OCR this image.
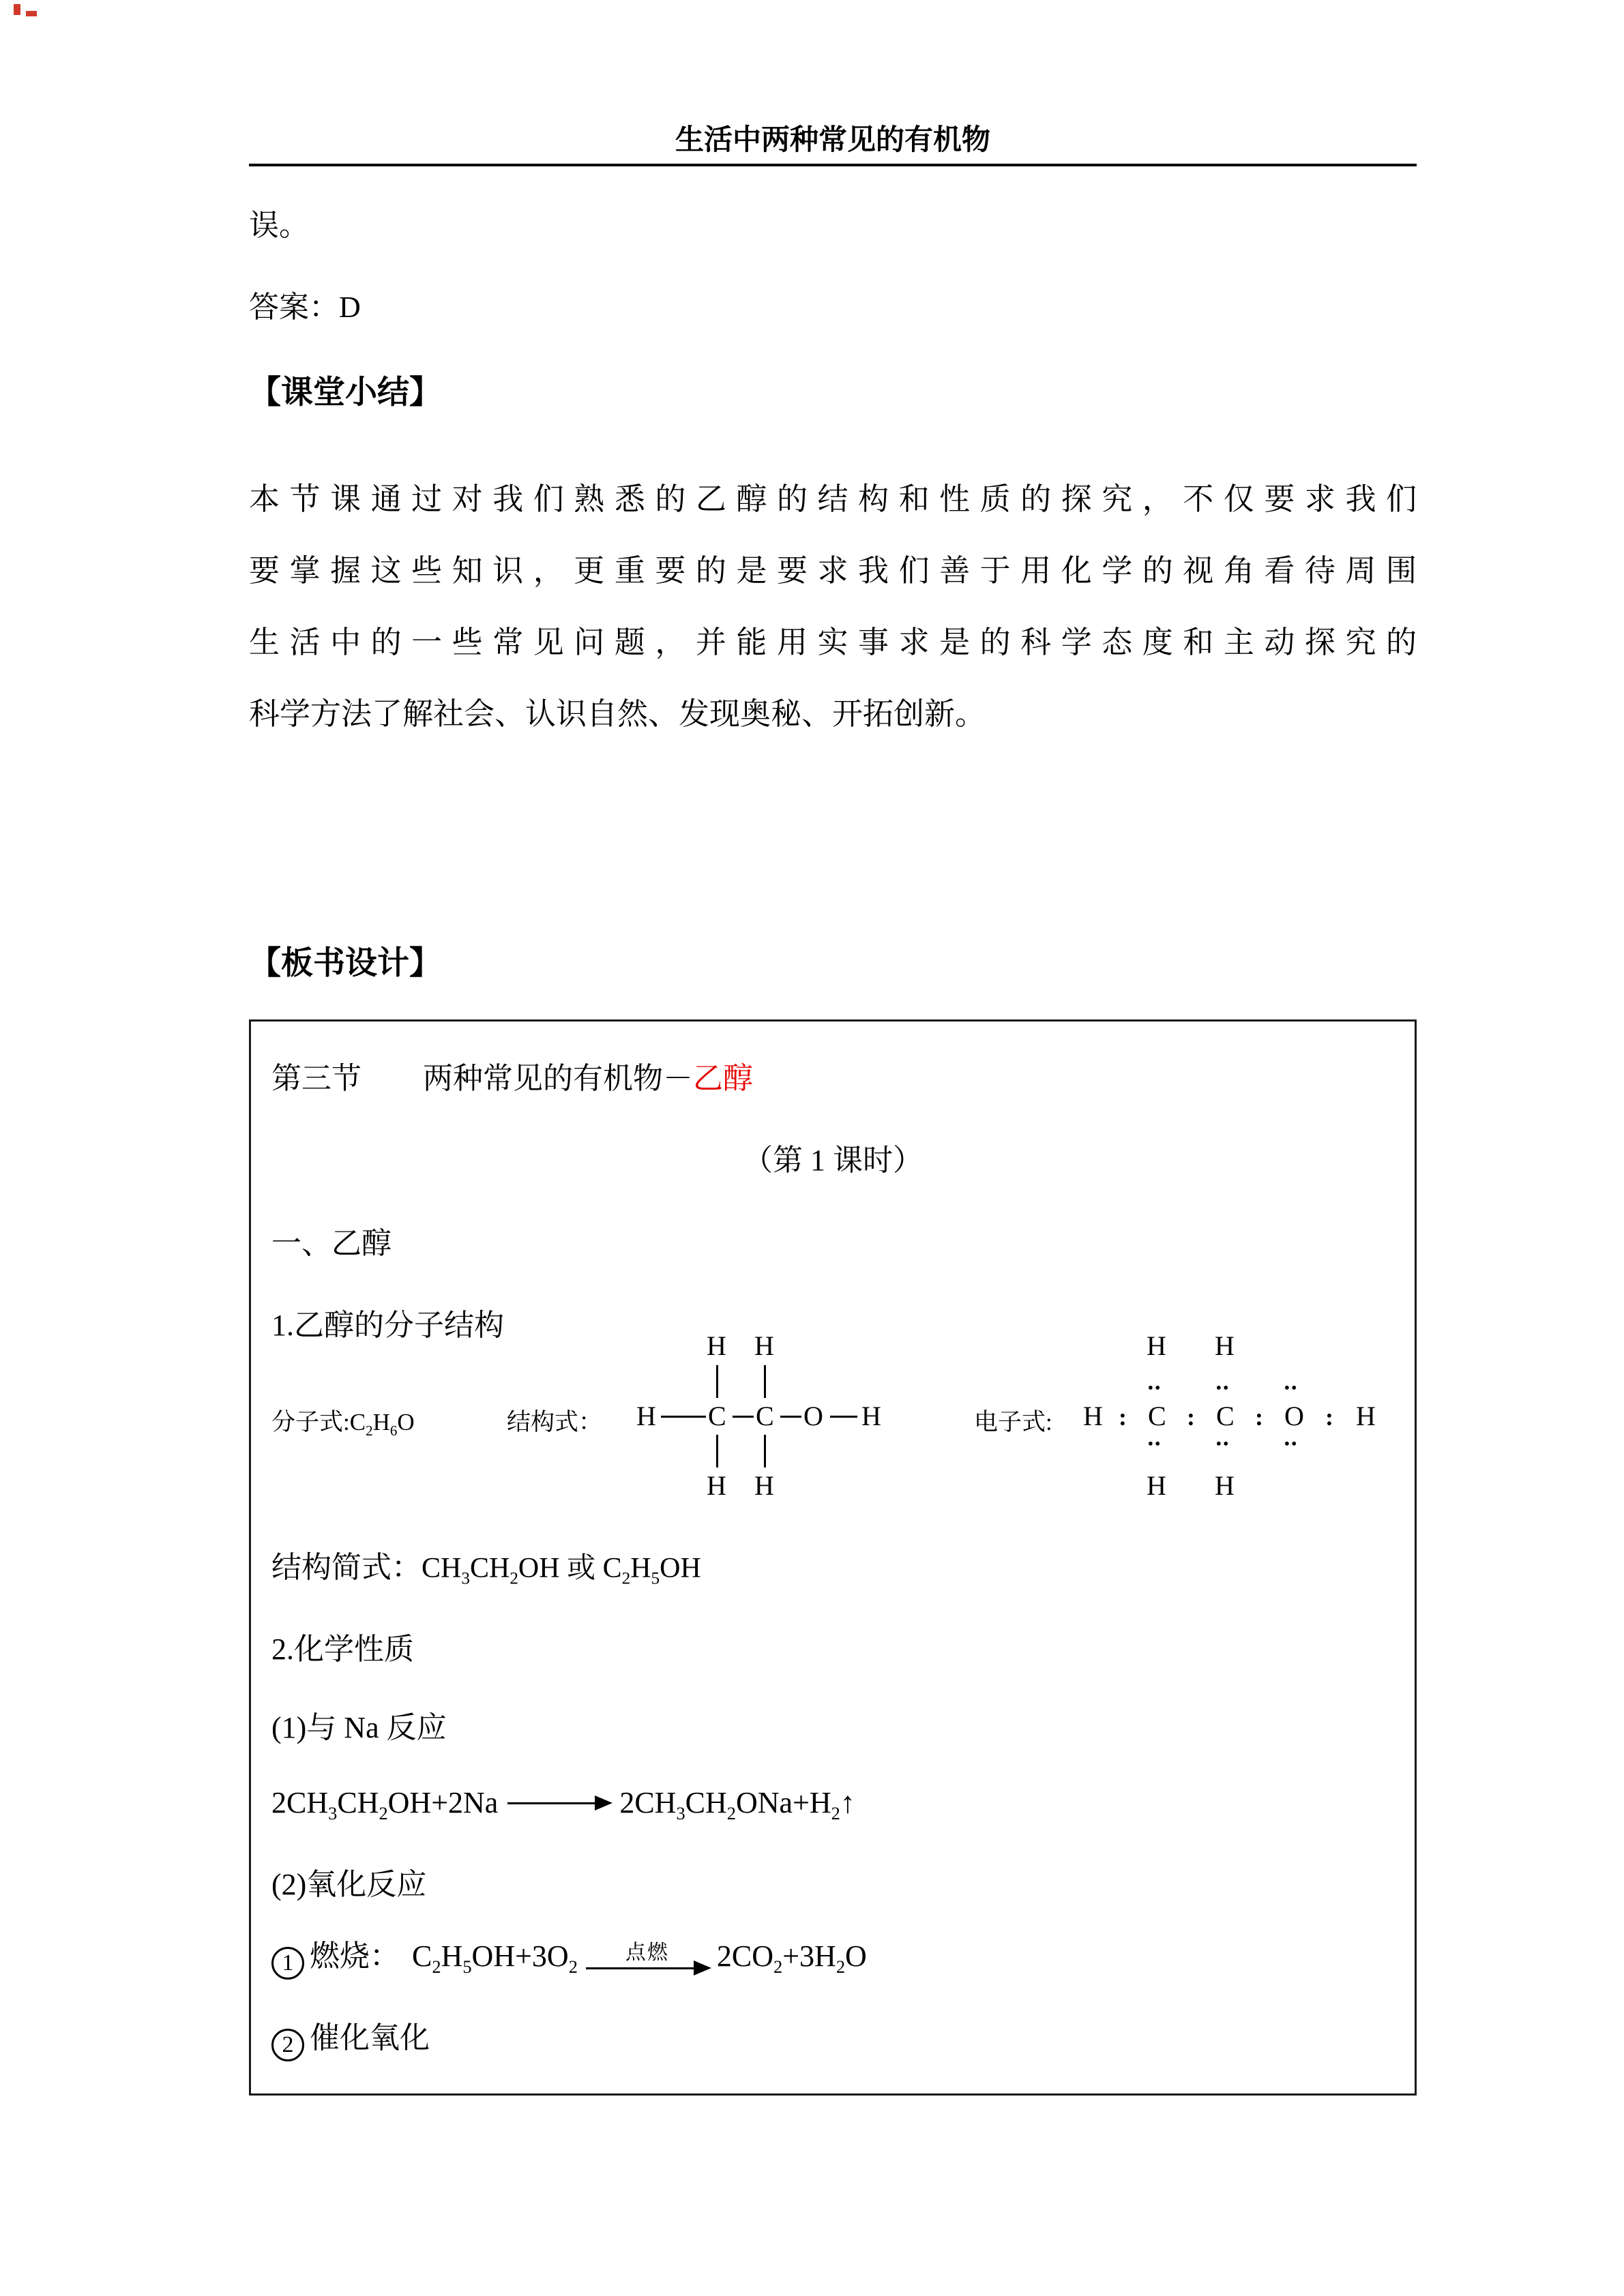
生活中两种常见的有机物
误。
答案：D
【课堂小结】
本节课通过对我们熟悉的乙醇的结构和性质的探究，不仅要求我们
要掌握这些知识，更重要的是要求我们善于用化学的视角看待周围
生活中的一些常见问题，并能用实事求是的科学态度和主动探究的
科学方法了解社会、认识自然、发现奥秘、开拓创新。
【板书设计】
第三节 两种常见的有机物－乙醇
（第 1 课时）
一、乙醇
1.乙醇的分子结构
分子式$:C_2H_6O$	结构式：
H H
H C C O H
H H
电子式:
H H
••	••	••
H : C : C : O : H
••	••	••
H H
结构简式：$CH_3CH_2OH$ 或 $C_2H_5OH$
2.化学性质
(1)与 Na 反应
$2CH_3CH_2OH+2Na$ → $2CH_3CH_2ONa+H_2↑$
(2)氧化反应
1 燃烧： $C_2H_5OH+3O_2$
点燃	$2CO_2+3H_2O$
2 催化氧化
